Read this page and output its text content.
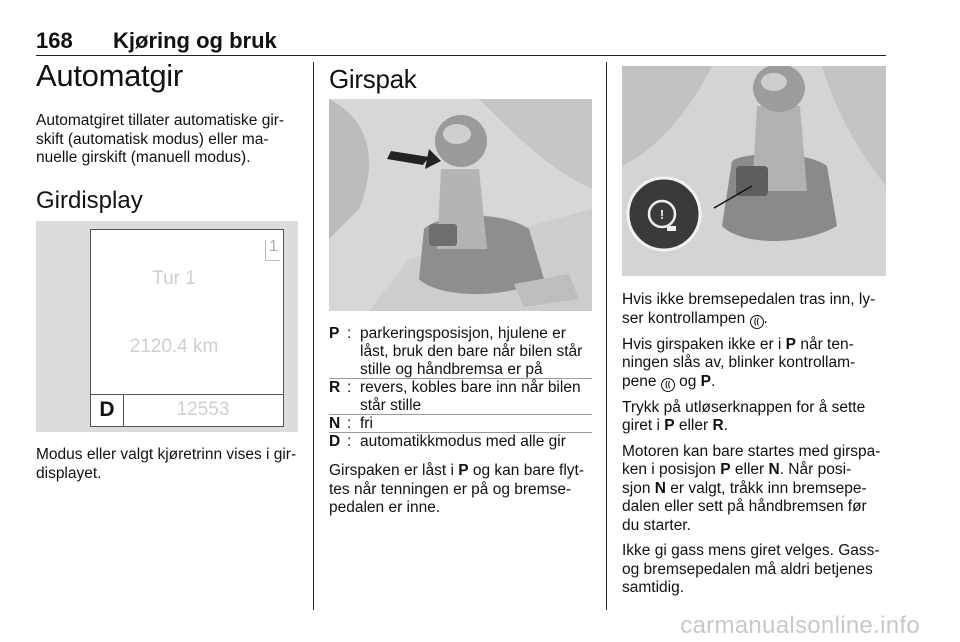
168 Kjøring og bruk
Automatgir

Automatgiret tillater automatiske gir-

skift (automatisk modus) eller ma-

nuelle girskift (manuell modus).

Girdisplay
1
Tur 1
2120.4 km
D	12553

Modus eller valgt kjøretrinn vises i gir-

displayet.

Girspak
P : parkeringsposisjon, hjulene er
låst, bruk den bare når bilen står
stille og håndbremsa er på
R : revers, kobles bare inn når bilen
står stille
N : fri
D : automatikkmodus med alle gir

Girspaken er låst i P og kan bare flyt-

tes når tenningen er på og bremse-

pedalen er inne.

!

Hvis ikke bremsepedalen tras inn, ly-
ser kontrollampen (( .

Hvis girspaken ikke er i P når ten-
ningen slås av, blinker kontrollam-
pene (( og P.

Trykk på utløserknappen for å sette
giret i P eller R.

Motoren kan bare startes med girspa-
ken i posisjon P eller N. Når posi-
sjon N er valgt, tråkk inn bremsepe-
dalen eller sett på håndbremsen før
du starter.

Ikke gi gass mens giret velges. Gass-
og bremsepedalen må aldri betjenes
samtidig.

carmanualsonline.info
